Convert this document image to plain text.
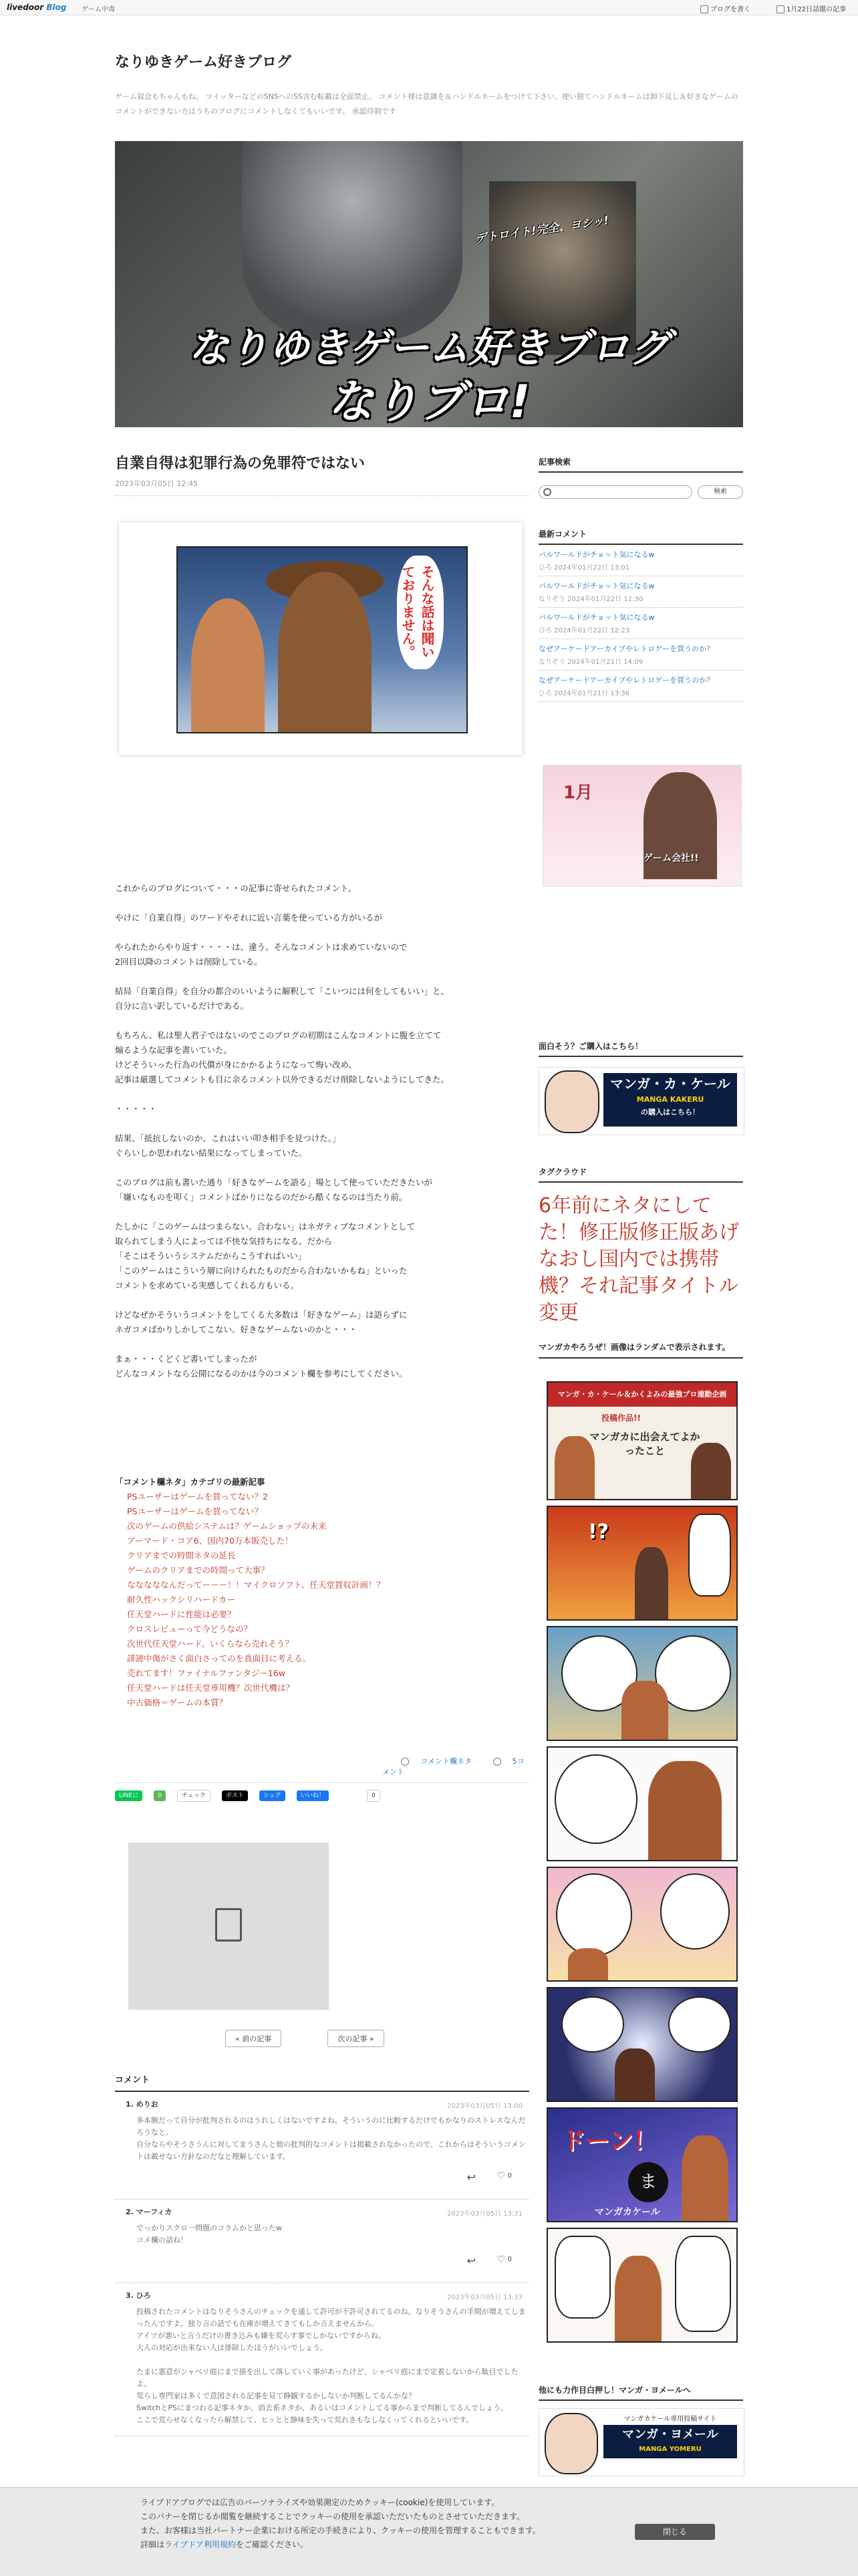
livedoor Blog ゲーム中毒	ブログを書く	1月22日話題の記事
なりゆきゲーム好きブログ
ゲーム叙念もちゃんもね。 ツイッターなどのSNSへのSS含む転載は全面禁止。 コメント様は意識を＆ハンドルネームをつけて下さい。使い捨てハンドルネームは卸下見し＆好きなゲームのコメントができない方はうちのブログにコメントしなくてもいいです。 承認待制です
デトロイト!完全、ヨシッ!
なりゆきゲーム好きブログ
なりブロ!
自業自得は犯罪行為の免罪符ではない
2023年03月05日 12:45
そんな話は聞いておりません。

これからのブログについて・・・の記事に寄せられたコメント。

やけに「自業自得」のワードやそれに近い言葉を使っている方がいるが

やられたからやり返す・・・・は、違う。そんなコメントは求めていないので
2回目以降のコメントは削除している。

結局「自業自得」を自分の都合のいいように解釈して「こいつには何をしてもいい」と、
自分に言い訳しているだけである。

もちろん、私は聖人君子ではないのでこのブログの初期はこんなコメントに腹を立てて
煽るような記事を書いていた。
けどそういった行為の代償が身にかかるようになって悔い改め、
記事は厳選してコメントも目に余るコメント以外できるだけ削除しないようにしてきた。

・・・・・

結果、「抵抗しないのか、これはいい叩き相手を見つけた。」
ぐらいしか思われない結果になってしまっていた。

このブログは前も書いた通り「好きなゲームを語る」場として使っていただきたいが
「嫌いなものを叩く」コメントばかりになるのだから酷くなるのは当たり前。

たしかに「このゲームはつまらない。合わない」はネガティブなコメントとして
取られてしまう人によっては不快な気持ちになる。だから
「そこはそういうシステムだからこうすればいい」
「このゲームはこういう層に向けられたものだから合わないかもね」といった
コメントを求めている実感してくれる方もいる。

けどなぜかそういうコメントをしてくる大多数は「好きなゲーム」は語らずに
ネガコメばかりしかしてこない。好きなゲームないのかと・・・

まぁ・・・くどくど書いてしまったが
どんなコメントなら公開になるのかは今のコメント欄を参考にしてください。

「コメント欄ネタ」カテゴリの最新記事
PSユーザーはゲームを買ってない？2
PSユーザーはゲームを買ってない？
次のゲームの供給システムは？ゲームショップの未来
アーマード・コア6、国内70万本販売した！
クリアまでの時間ネタの延長
ゲームのクリアまでの時間って大事？
なななななんだってーーー！！マイクロソフト、任天堂買収計画！？
耐久性ハックシリハードカー
任天堂ハードに性能は必要？
クロスレビューって今どうなの？
次世代任天堂ハード、いくらなら売れそう？
誹謗中傷がさく面白さってのを真面目に考える。
売れてます！ファイナルファンタジー16w
任天堂ハードは任天堂専用機？次世代機は？
中古価格＝ゲームの本質？
コメント欄ネタ	5コメント
LINEに	0	チェック	ポスト	シェア	いいね！	0
« 前の記事	次の記事 »
コメント
1. めりお	2023年03月05日 13:00
多本腕だって自分が批判されるのはうれしくはないですよね。そういうのに比較するだけでもかなりのストレスなんだろうなと。
自分ならやそうさうんに対してまうさんと他の批判的なコメントは掲載されなかったので、これからはそういうコメントは載せない方針なのだなと理解しています。
↩ ♡ 0
2. マーフィカ	2023年03月05日 13:31
でっかりスクロ一問題のコラムかと思ったw
コメ欄の話ね！
↩ ♡ 0
3. ひろ	2023年03月05日 13:33
投稿されたコメントはなりそうさんのチェックを通して許可が不許可されてるのね。なりそうさんの手間が増えてしまったんですよ。独り言の話でも在庫が増えてきてもしか言えませんから。
アイツが悪いと言うだけの書き込みも嫌を荒らす事でしかないですからね。
大人の対応が出来ない人は排除したほうがいいでしょう。

たまに悪意がシャベリ庭にまで掛を出して落していく事があったけど、シャベリ庭にまで定着しないから駄目でしたよ。
荒らし専門家は多くで意図される記事を見て静観するかしないか判断してるんかな？
SwitchとPSにまつわる記事ネタか、消去系ネタか、あるいはコメントしてる事からまで判断してるんでしょう。
ここで荒らせなくなったら解禁して、ヒッとと静味を失って荒れきもなしなくってくれるといいです。
記事検索
検索
最新コメント
パルワールドがチョット気になるw
ひろ 2024年01月22日 13:01
パルワールドがチョット気になるw
なりぞう 2024年01月22日 12:30
パルワールドがチョット気になるw
ひろ 2024年01月22日 12:23
なぜアーケードアーカイブやレトロゲーを買うのか？
なりぞう 2024年01月21日 14:09
なぜアーケードアーカイブやレトロゲーを買うのか？
ひろ 2024年01月21日 13:36
1月
ゲーム会社!!
面白そう？ご購入はこちら！
マンガ・カ・ケール
MANGA KAKERU
の購入はこちら！
タグクラウド
6年前にネタにしてた！修正版修正版あげなおし国内では携帯機？それ記事タイトル変更
マンガカやろうぜ！画像はランダムで表示されます。
マンガ・カ・ケール＆かくよみの最強プロ連動企画
投稿作品!!
マンガカに出会えてよかったこと
!?
ドーン！
ま
マンガカケール
他にも力作目白押し！マンガ・ヨメールへ
マンガカケール専用投稿サイト
マンガ・ヨメール
MANGA YOMERU
ライブドアブログでは広告のパーソナライズや効果測定のためクッキー(cookie)を使用しています。
このバナーを閉じるか閲覧を継続することでクッキーの使用を承認いただいたものとさせていただきます。
また、お客様は当社パートナー企業における所定の手続きにより、クッキーの使用を管理することもできます。
詳細はライブドア利用規約をご確認ください。
閉じる
